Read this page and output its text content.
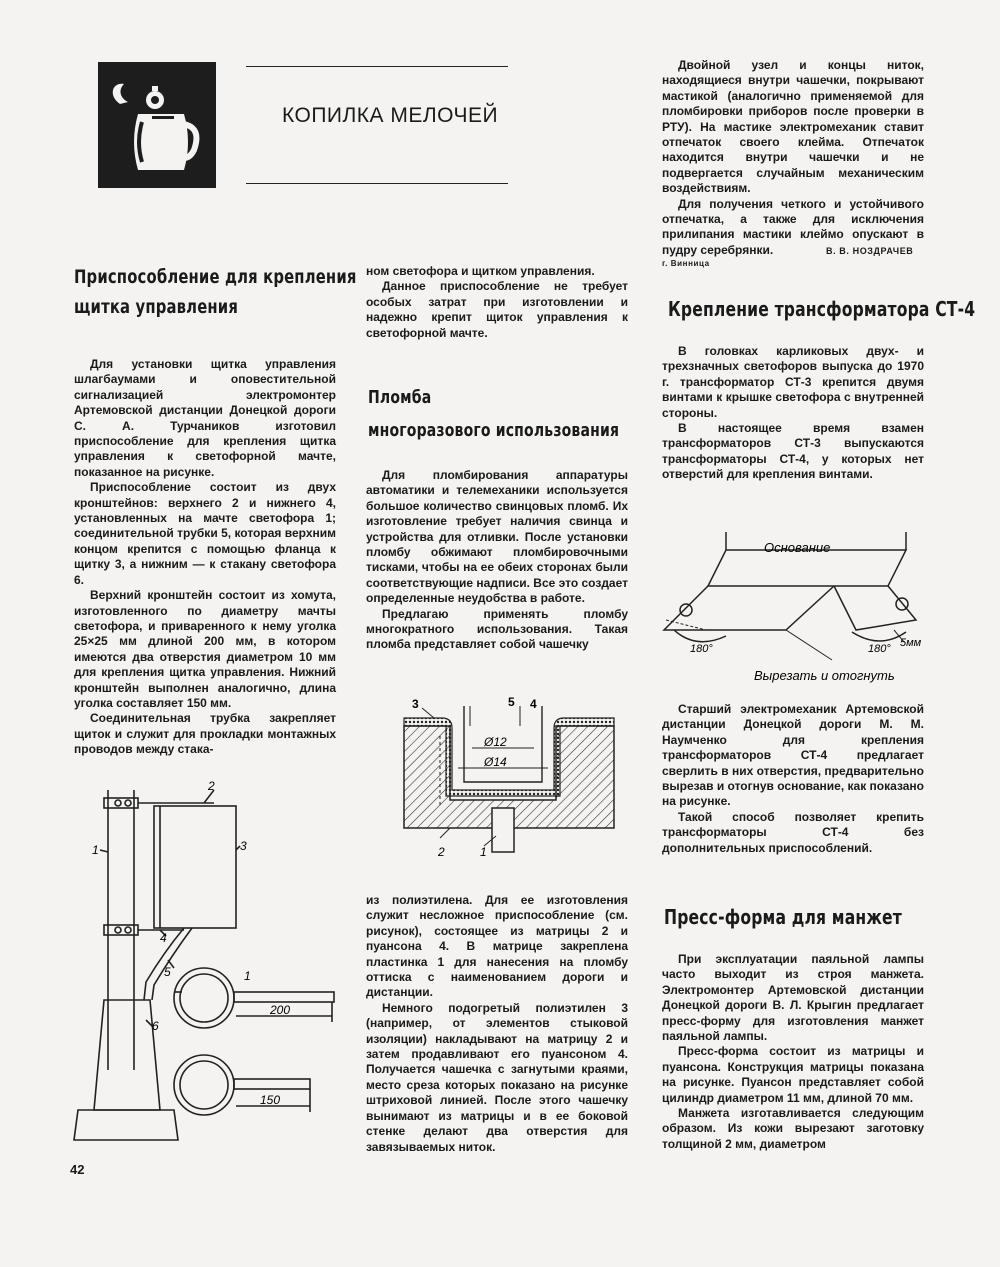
КОПИЛКА МЕЛОЧЕЙ
Приспособление для крепления
щитка управления

Для установки щитка управления шлагбаумами и оповестительной сигнализацией электромонтер Артемовской дистанции Донецкой дороги С. А. Турчаников изготовил приспособление для крепления щитка управления к светофорной мачте, показанное на рисунке.

Приспособление состоит из двух кронштейнов: верхнего 2 и нижнего 4, установленных на мачте светофора 1; соединительной трубки 5, которая верхним концом крепится с помощью фланца к щитку 3, а нижним — к стакану светофора 6.

Верхний кронштейн состоит из хомута, изготовленного по диаметру мачты светофора, и приваренного к нему уголка 25×25 мм длиной 200 мм, в котором имеются два отверстия диаметром 10 мм для крепления щитка управления. Нижний кронштейн выполнен аналогично, длина уголка составляет 150 мм.

Соединительная трубка закрепляет щиток и служит для прокладки монтажных проводов между стака-

1
2
3
4
5
6
1
200
150
42

ном светофора и щитком управления.

Данное приспособление не требует особых затрат при изготовлении и надежно крепит щиток управления к светофорной мачте.

Пломба
многоразового использования

Для пломбирования аппаратуры автоматики и телемеханики используется большое количество свинцовых пломб. Их изготовление требует наличия свинца и устройства для отливки. После установки пломбу обжимают пломбировочными тисками, чтобы на ее обеих сторонах были соответствующие надписи. Все это создает определенные неудобства в работе.

Предлагаю применять пломбу многократного использования. Такая пломба представляет собой чашечку

3	5 4
Ø12
Ø14
2	1

из полиэтилена. Для ее изготовления служит несложное приспособление (см. рисунок), состоящее из матрицы 2 и пуансона 4. В матрице закреплена пластинка 1 для нанесения на пломбу оттиска с наименованием дороги и дистанции.

Немного подогретый полиэтилен 3 (например, от элементов стыковой изоляции) накладывают на матрицу 2 и затем продавливают его пуансоном 4. Получается чашечка с загнутыми краями, место среза которых показано на рисунке штриховой линией. После этого чашечку вынимают из матрицы и в ее боковой стенке делают два отверстия для завязываемых ниток.

Двойной узел и концы ниток, находящиеся внутри чашечки, покрывают мастикой (аналогично применяемой для пломбировки приборов после проверки в РТУ). На мастике электромеханик ставит отпечаток своего клейма. Отпечаток находится внутри чашечки и не подвергается случайным механическим воздействиям.

Для получения четкого и устойчивого отпечатка, а также для исключения прилипания мастики клеймо опускают в пудру серебрянки.	В. В. НОЗДРАЧЕВ
г. Винница
Крепление трансформатора СТ-4

В головках карликовых двух- и трехзначных светофоров выпуска до 1970 г. трансформатор СТ-3 крепится двумя винтами к крышке светофора с внутренней стороны.

В настоящее время взамен трансформаторов СТ-3 выпускаются трансформаторы СТ-4, у которых нет отверстий для крепления винтами.

Основание
180°	180° 5мм
Вырезать и отогнуть

Старший электромеханик Артемовской дистанции Донецкой дороги М. М. Наумченко для крепления трансформаторов СТ-4 предлагает сверлить в них отверстия, предварительно вырезав и отогнув основание, как показано на рисунке.

Такой способ позволяет крепить трансформаторы СТ-4 без дополнительных приспособлений.

Пресс-форма для манжет

При эксплуатации паяльной лампы часто выходит из строя манжета. Электромонтер Артемовской дистанции Донецкой дороги В. Л. Крыгин предлагает пресс-форму для изготовления манжет паяльной лампы.

Пресс-форма состоит из матрицы и пуансона. Конструкция матрицы показана на рисунке. Пуансон представляет собой цилиндр диаметром 11 мм, длиной 70 мм.

Манжета изготавливается следующим образом. Из кожи вырезают заготовку толщиной 2 мм, диаметром
